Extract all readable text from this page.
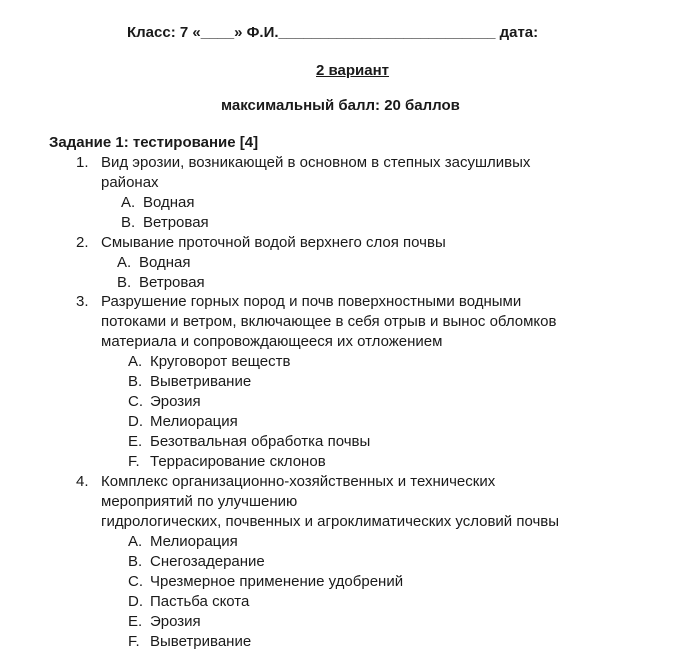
Класс: 7 «____» Ф.И.__________________________ дата:
2 вариант
максимальный балл: 20 баллов
Задание 1: тестирование [4]
1. Вид эрозии, возникающей в основном в степных засушливых
районах
A. Водная
B. Ветровая
2. Смывание проточной водой верхнего слоя почвы
A. Водная
B. Ветровая
3. Разрушение горных пород и почв поверхностными водными
потоками и ветром, включающее в себя отрыв и вынос обломков
материала и сопровождающееся их отложением
A. Круговорот веществ
B. Выветривание
C. Эрозия
D. Мелиорация
E. Безотвальная обработка почвы
F. Террасирование склонов
4. Комплекс организационно-хозяйственных и технических
мероприятий по улучшению
гидрологических, почвенных и агроклиматических условий почвы
A. Мелиорация
B. Снегозадерание
C. Чрезмерное применение удобрений
D. Пастьба скота
E. Эрозия
F. Выветривание
